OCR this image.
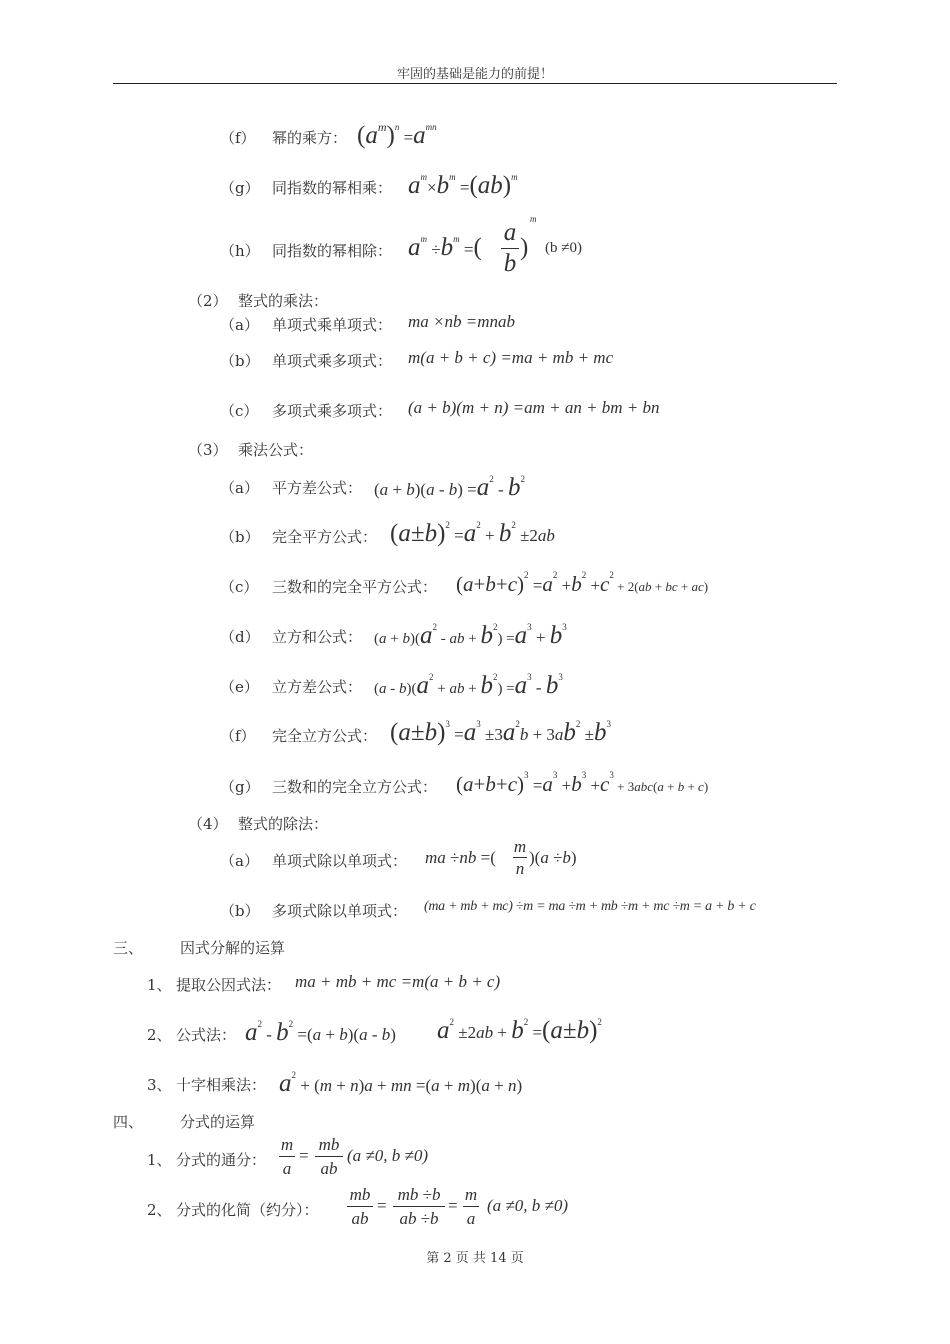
牢固的基础是能力的前提！
（f） 幂的乘方： $(a^m)^n =a^{mn}$
（g） 同指数的幂相乘： $a^m\times b^m =(ab)^m$
（h） 同指数的幂相除： $a^m \div b^m$ =(
a
b
)
m
(b ≠0)
（2） 整式的乘法：
（a） 单项式乘单项式： ma ×nb =mnab
（b） 单项式乘多项式： m(a + b + c) =ma + mb + mc
（c） 多项式乘多项式： (a + b)(m + n) =am + an + bm + bn
（3） 乘法公式：
（a） 平方差公式： $(a + b)(a - b) =a^2 - b^2$
（b） 完全平方公式： $(a\pm b)^2 =a^2 + b^2 \pm 2ab$
（c） 三数和的完全平方公式： $(a+b+c)^2 =a^2 +b^2 +c^2 + 2(ab$ + bc + ac)
（d） 立方和公式： $(a + b)(a^2$ - ab + $b^2) =a^3 + b^3$
（e） 立方差公式： $(a - b)(a^2$ + ab + $b^2) =a^3 - b^3$
（f） 完全立方公式： $(a\pm b)^3 =a^3 \pm 3a^2b + 3ab^2 \pm b^3$
（g） 三数和的完全立方公式： $(a+b+c)^3 =a^3 +b^3 +c^3 + 3abc(a + b + c)$
（4） 整式的除法：
（a） 单项式除以单项式： ma ÷nb =(
m
n
)(a ÷b)
（b） 多项式除以单项式： (ma + mb + mc) ÷m = ma ÷m + mb ÷m + mc ÷m = a + b + c
三、 因式分解的运算
1、 提取公因式法： ma + mb + mc =m(a + b + c)
2、 公式法： $a^2 - b^2 =(a + b)(a - b)$ $a^2 \pm 2ab + b^2 =(a\pm b)^2$
3、 十字相乘法： $a^2 + (m + n)a$ + mn =(a + m)(a + n)
四、 分式的运算
1、 分式的通分：
m
a
=
mb
ab
(a ≠0, b ≠0)
2、 分式的化简（约分）：
mb
ab
=
mb ÷b
ab ÷b
=
m
a
(a ≠0, b ≠0)
第 2 页 共 14 页
